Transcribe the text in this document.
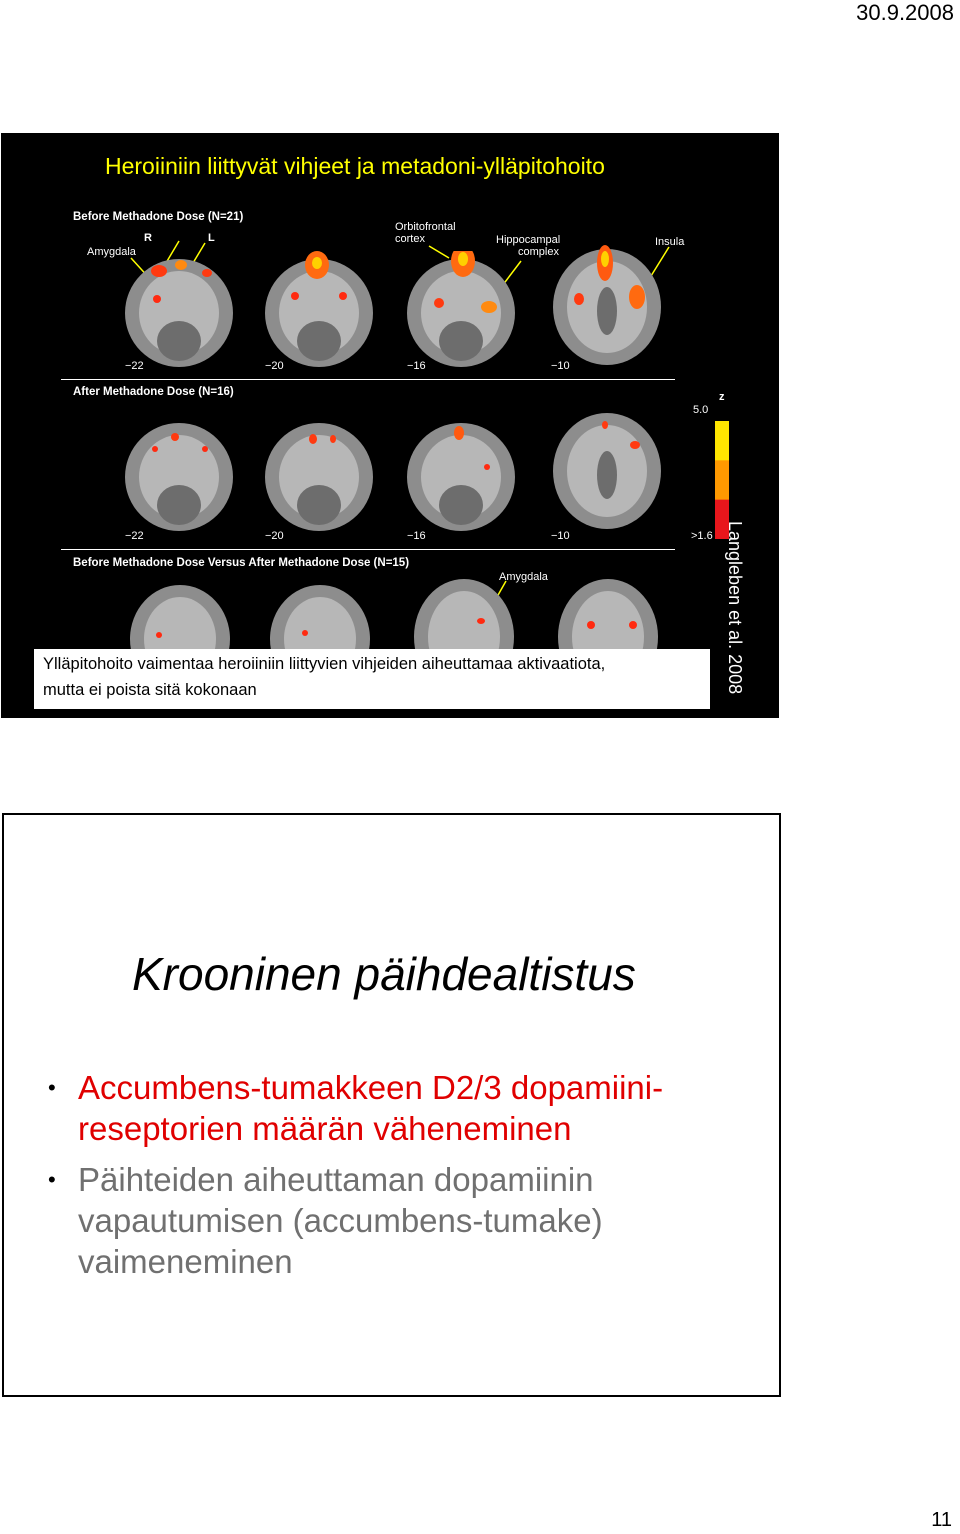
30.9.2008
Heroiiniin liittyvät vihjeet ja metadoni-ylläpitohoito
Before Methadone Dose (N=21)
After Methadone Dose (N=16)
Before Methadone Dose Versus After Methadone Dose (N=15)
R	L
Amygdala
Orbitofrontal
cortex	Hippocampal
complex
Insula
Amygdala
−22	−20	−16	−10
−22	−20	−16	−10
z
5.0
>1.6
Ylläpitohoito vaimentaa heroiiniin liittyvien vihjeiden aiheuttamaa aktivaatiota,
mutta ei poista sitä kokonaan	Langleben et al. 2008
Krooninen päihdealtistus
• Accumbens-tumakkeen D2/3 dopamiini-
reseptorien määrän väheneminen
• Päihteiden aiheuttaman dopamiinin
vapautumisen (accumbens-tumake)
vaimeneminen
11
